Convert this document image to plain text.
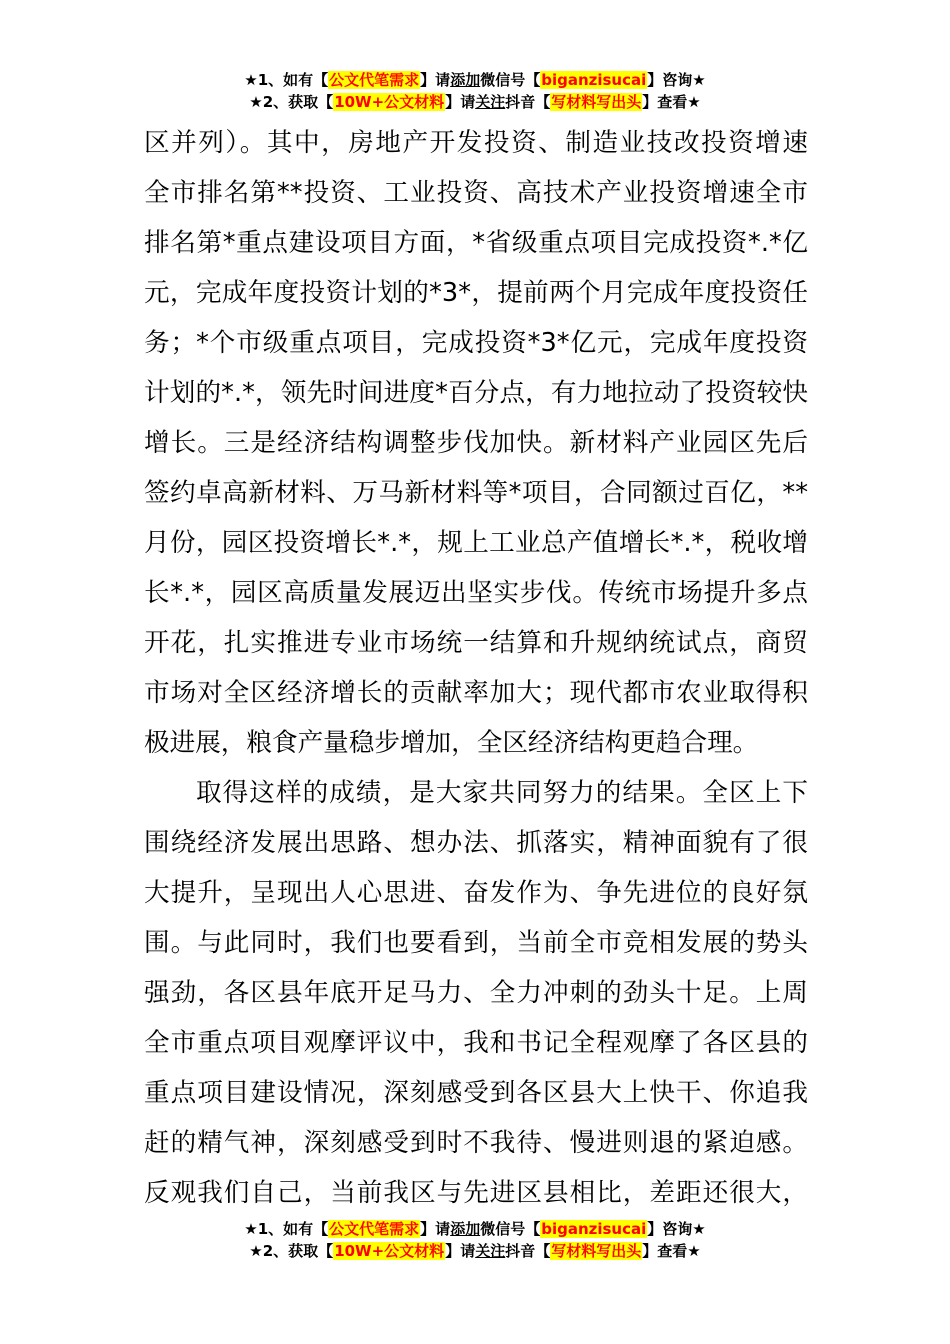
★1、如有【公文代笔需求】请添加微信号【biganzisucai】咨询★
★2、获取【10W+公文材料】请关注抖音【写材料写出头】查看★
区并列）。其中，房地产开发投资、制造业技改投资增速
全市排名第**投资、工业投资、高技术产业投资增速全市
排名第*重点建设项目方面，*省级重点项目完成投资*.*亿
元，完成年度投资计划的*3*，提前两个月完成年度投资任
务；*个市级重点项目，完成投资*3*亿元，完成年度投资
计划的*.*，领先时间进度*百分点，有力地拉动了投资较快
增长。三是经济结构调整步伐加快。新材料产业园区先后
签约卓高新材料、万马新材料等*项目，合同额过百亿，**
月份，园区投资增长*.*，规上工业总产值增长*.*，税收增
长*.*，园区高质量发展迈出坚实步伐。传统市场提升多点
开花，扎实推进专业市场统一结算和升规纳统试点，商贸
市场对全区经济增长的贡献率加大；现代都市农业取得积
极进展，粮食产量稳步增加，全区经济结构更趋合理。
取得这样的成绩，是大家共同努力的结果。全区上下
围绕经济发展出思路、想办法、抓落实，精神面貌有了很
大提升，呈现出人心思进、奋发作为、争先进位的良好氛
围。与此同时，我们也要看到，当前全市竞相发展的势头
强劲，各区县年底开足马力、全力冲刺的劲头十足。上周
全市重点项目观摩评议中，我和书记全程观摩了各区县的
重点项目建设情况，深刻感受到各区县大上快干、你追我
赶的精气神，深刻感受到时不我待、慢进则退的紧迫感。
反观我们自己，当前我区与先进区县相比，差距还很大，
★1、如有【公文代笔需求】请添加微信号【biganzisucai】咨询★
★2、获取【10W+公文材料】请关注抖音【写材料写出头】查看★
